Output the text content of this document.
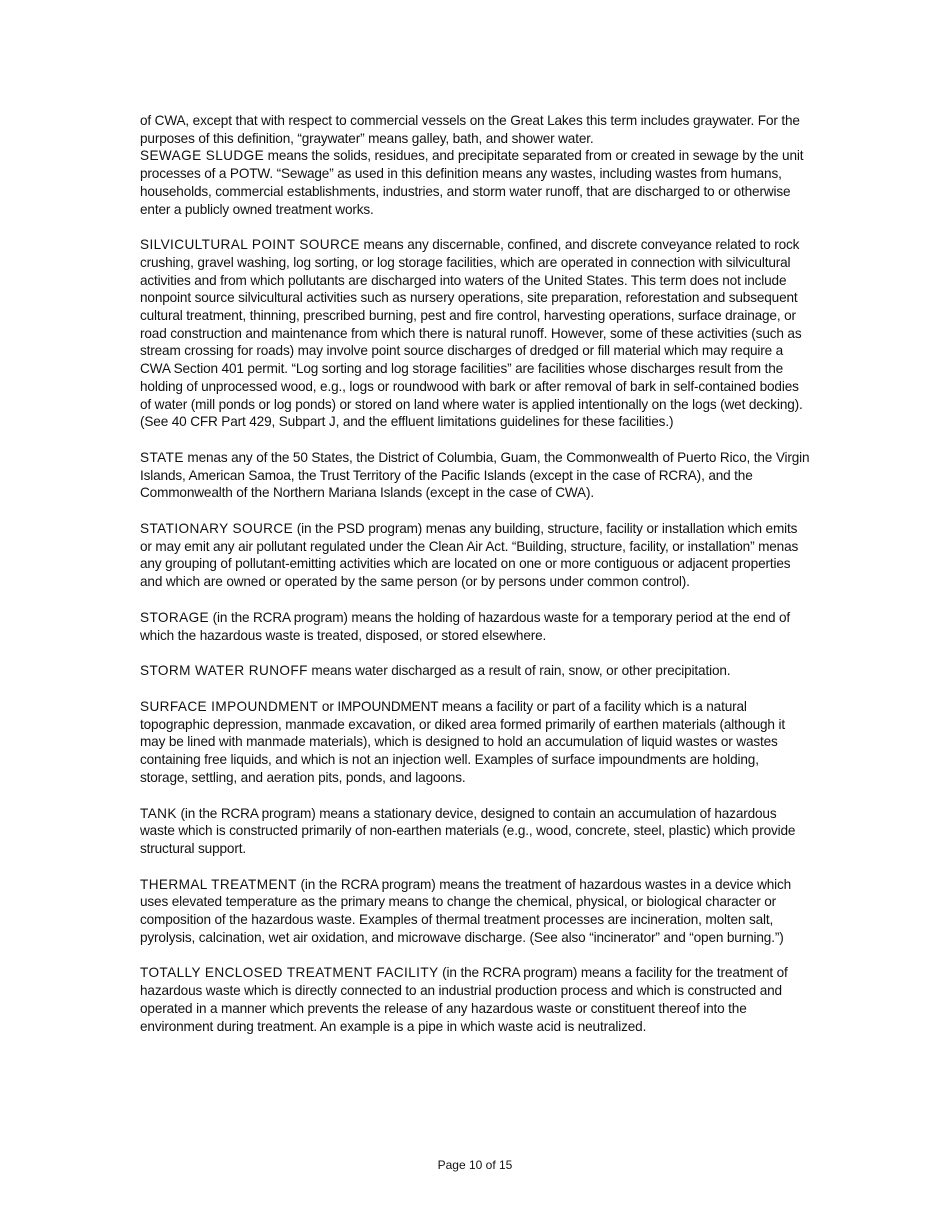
of CWA, except that with respect to commercial vessels on the Great Lakes this term includes graywater. For the purposes of this definition, “graywater” means galley, bath, and shower water.

SEWAGE SLUDGE means the solids, residues, and precipitate separated from or created in sewage by the unit processes of a POTW. “Sewage” as used in this definition means any wastes, including wastes from humans, households, commercial establishments, industries, and storm water runoff, that are discharged to or otherwise enter a publicly owned treatment works.

SILVICULTURAL POINT SOURCE means any discernable, confined, and discrete conveyance related to rock crushing, gravel washing, log sorting, or log storage facilities, which are operated in connection with silvicultural activities and from which pollutants are discharged into waters of the United States. This term does not include nonpoint source silvicultural activities such as nursery operations, site preparation, reforestation and subsequent cultural treatment, thinning, prescribed burning, pest and fire control, harvesting operations, surface drainage, or road construction and maintenance from which there is natural runoff. However, some of these activities (such as stream crossing for roads) may involve point source discharges of dredged or fill material which may require a CWA Section 401 permit. “Log sorting and log storage facilities” are facilities whose discharges result from the holding of unprocessed wood, e.g., logs or roundwood with bark or after removal of bark in self-contained bodies of water (mill ponds or log ponds) or stored on land where water is applied intentionally on the logs (wet decking). (See 40 CFR Part 429, Subpart J, and the effluent limitations guidelines for these facilities.)

STATE menas any of the 50 States, the District of Columbia, Guam, the Commonwealth of Puerto Rico, the Virgin Islands, American Samoa, the Trust Territory of the Pacific Islands (except in the case of RCRA), and the Commonwealth of the Northern Mariana Islands (except in the case of CWA).

STATIONARY SOURCE (in the PSD program) menas any building, structure, facility or installation which emits or may emit any air pollutant regulated under the Clean Air Act. “Building, structure, facility, or installation” menas any grouping of pollutant-emitting activities which are located on one or more contiguous or adjacent properties and which are owned or operated by the same person (or by persons under common control).

STORAGE (in the RCRA program) means the holding of hazardous waste for a temporary period at the end of which the hazardous waste is treated, disposed, or stored elsewhere.

STORM WATER RUNOFF means water discharged as a result of rain, snow, or other precipitation.

SURFACE IMPOUNDMENT or IMPOUNDMENT means a facility or part of a facility which is a natural topographic depression, manmade excavation, or diked area formed primarily of earthen materials (although it may be lined with manmade materials), which is designed to hold an accumulation of liquid wastes or wastes containing free liquids, and which is not an injection well. Examples of surface impoundments are holding, storage, settling, and aeration pits, ponds, and lagoons.

TANK (in the RCRA program) means a stationary device, designed to contain an accumulation of hazardous waste which is constructed primarily of non-earthen materials (e.g., wood, concrete, steel, plastic) which provide structural support.

THERMAL TREATMENT (in the RCRA program) means the treatment of hazardous wastes in a device which uses elevated temperature as the primary means to change the chemical, physical, or biological character or composition of the hazardous waste. Examples of thermal treatment processes are incineration, molten salt, pyrolysis, calcination, wet air oxidation, and microwave discharge. (See also “incinerator” and “open burning.”)

TOTALLY ENCLOSED TREATMENT FACILITY (in the RCRA program) means a facility for the treatment of hazardous waste which is directly connected to an industrial production process and which is constructed and operated in a manner which prevents the release of any hazardous waste or constituent thereof into the environment during treatment. An example is a pipe in which waste acid is neutralized.

Page 10 of 15
